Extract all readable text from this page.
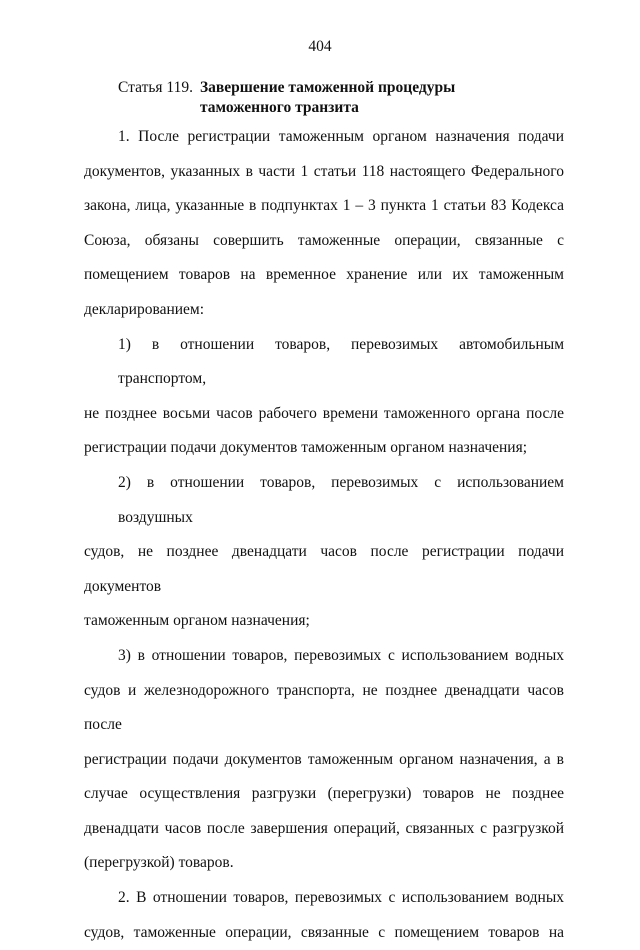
404
Статья 119. Завершение таможенной процедуры
таможенного транзита
1. После регистрации таможенным органом назначения подачи
документов, указанных в части 1 статьи 118 настоящего Федерального
закона, лица, указанные в подпунктах 1 – 3 пункта 1 статьи 83 Кодекса
Союза, обязаны совершить таможенные операции, связанные с
помещением товаров на временное хранение или их таможенным
декларированием:
1) в отношении товаров, перевозимых автомобильным транспортом,
не позднее восьми часов рабочего времени таможенного органа после
регистрации подачи документов таможенным органом назначения;
2) в отношении товаров, перевозимых с использованием воздушных
судов, не позднее двенадцати часов после регистрации подачи документов
таможенным органом назначения;
3) в отношении товаров, перевозимых с использованием водных
судов и железнодорожного транспорта, не позднее двенадцати часов после
регистрации подачи документов таможенным органом назначения, а в
случае осуществления разгрузки (перегрузки) товаров не позднее
двенадцати часов после завершения операций, связанных с разгрузкой
(перегрузкой) товаров.
2. В отношении товаров, перевозимых с использованием водных
судов, таможенные операции, связанные с помещением товаров на
